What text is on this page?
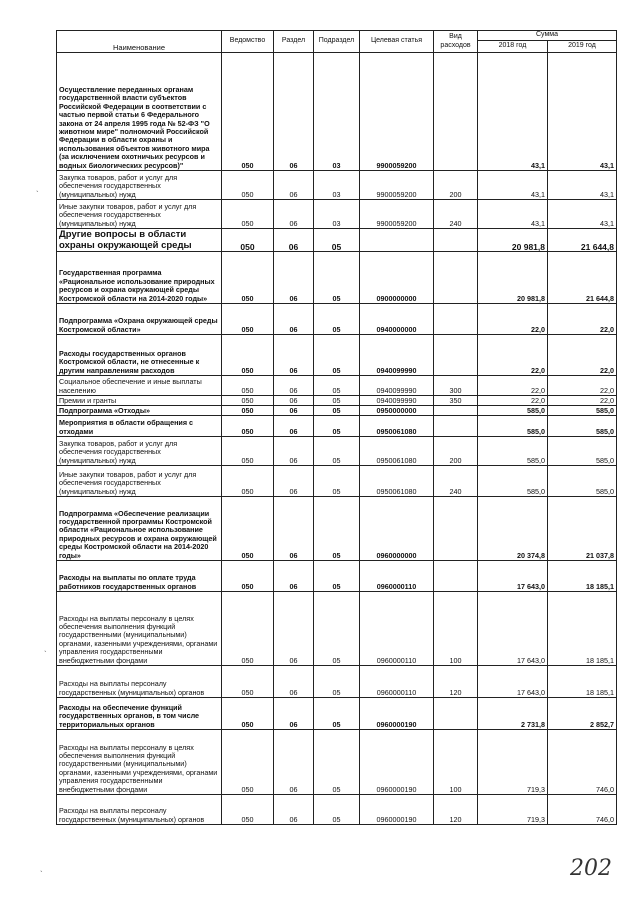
Наименование	Ведомство	Раздел	Подраздел	Целевая статья	Вид расходов	Сумма	
						2018 год	2019 год
Осуществление переданных органам государственной власти субъектов Российской Федерации в соответствии с частью первой статьи 6 Федерального закона от 24 апреля 1995 года № 52-ФЗ "О животном мире" полномочий Российской Федерации в области охраны и использования объектов животного мира (за исключением охотничьих ресурсов и водных биологических ресурсов)"	050	06	03	9900059200		43,1	43,1
Закупка товаров, работ и услуг для обеспечения государственных (муниципальных) нужд	050	06	03	9900059200	200	43,1	43,1
Иные закупки товаров, работ и услуг для обеспечения государственных (муниципальных) нужд	050	06	03	9900059200	240	43,1	43,1
Другие вопросы в области охраны окружающей среды	050	06	05			20 981,8	21 644,8
Государственная программа «Рациональное использование природных ресурсов и охрана окружающей среды Костромской области на 2014-2020 годы»	050	06	05	0900000000		20 981,8	21 644,8
Подпрограмма «Охрана окружающей среды Костромской области»	050	06	05	0940000000		22,0	22,0
Расходы государственных органов Костромской области, не отнесенные к другим направлениям расходов	050	06	05	0940099990		22,0	22,0
Социальное обеспечение и иные выплаты населению	050	06	05	0940099990	300	22,0	22,0
Премии и гранты	050	06	05	0940099990	350	22,0	22,0
Подпрограмма «Отходы»	050	06	05	0950000000		585,0	585,0
Мероприятия в области обращения с отходами	050	06	05	0950061080		585,0	585,0
Закупка товаров, работ и услуг для обеспечения государственных (муниципальных) нужд	050	06	05	0950061080	200	585,0	585,0
Иные закупки товаров, работ и услуг для обеспечения государственных (муниципальных) нужд	050	06	05	0950061080	240	585,0	585,0
Подпрограмма «Обеспечение реализации государственной программы Костромской области «Рациональное использование природных ресурсов и охрана окружающей среды Костромской области на 2014-2020 годы»	050	06	05	0960000000		20 374,8	21 037,8
Расходы на выплаты по оплате труда работников государственных органов	050	06	05	0960000110		17 643,0	18 185,1
Расходы на выплаты персоналу в целях обеспечения выполнения функций государственными (муниципальными) органами, казенными учреждениями, органами управления государственными внебюджетными фондами	050	06	05	0960000110	100	17 643,0	18 185,1
Расходы на выплаты персоналу государственных (муниципальных) органов	050	06	05	0960000110	120	17 643,0	18 185,1
Расходы на обеспечение функций государственных органов, в том числе территориальных органов	050	06	05	0960000190		2 731,8	2 852,7
Расходы на выплаты персоналу в целях обеспечения выполнения функций государственными (муниципальными) органами, казенными учреждениями, органами управления государственными внебюджетными фондами	050	06	05	0960000190	100	719,3	746,0
Расходы на выплаты персоналу государственных (муниципальных) органов	050	06	05	0960000190	120	719,3	746,0
`
`
`	202
